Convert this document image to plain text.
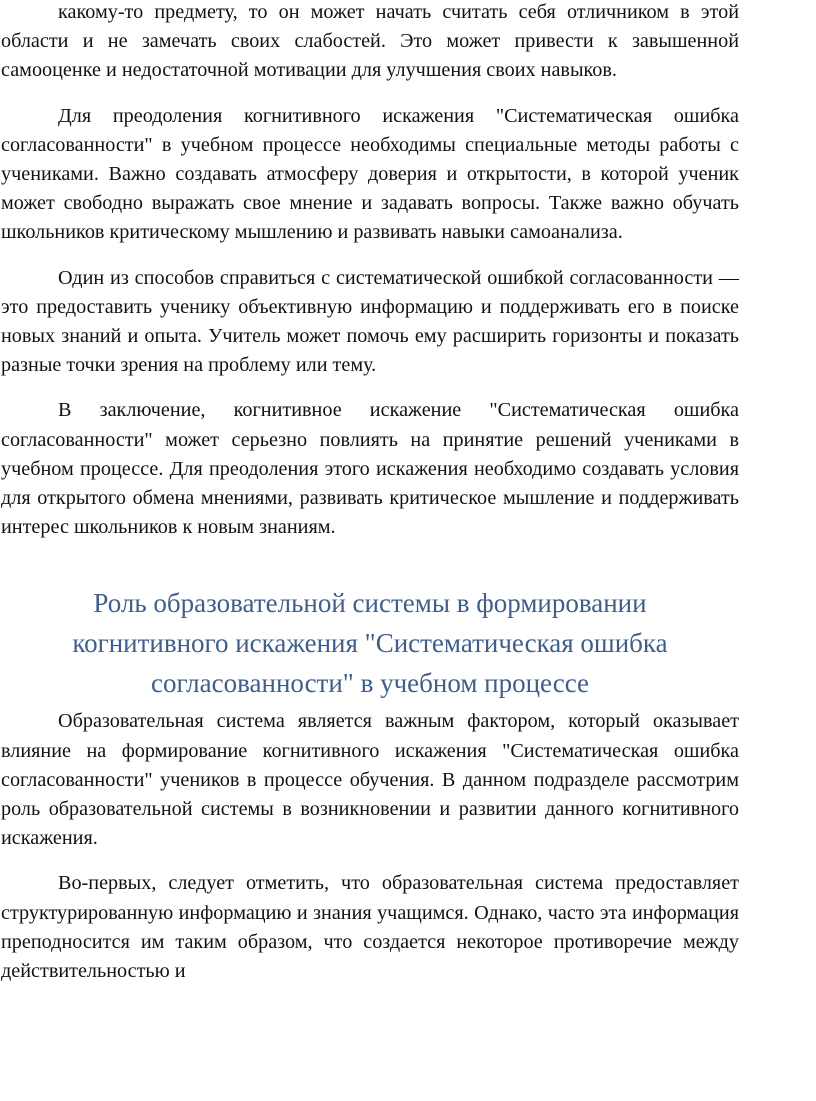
какому-то предмету, то он может начать считать себя отличником в этой области и не замечать своих слабостей. Это может привести к завышенной самооценке и недостаточной мотивации для улучшения своих навыков.

Для преодоления когнитивного искажения "Систематическая ошибка согласованности" в учебном процессе необходимы специальные методы работы с учениками. Важно создавать атмосферу доверия и открытости, в которой ученик может свободно выражать свое мнение и задавать вопросы. Также важно обучать школьников критическому мышлению и развивать навыки самоанализа.

Один из способов справиться с систематической ошибкой согласованности — это предоставить ученику объективную информацию и поддерживать его в поиске новых знаний и опыта. Учитель может помочь ему расширить горизонты и показать разные точки зрения на проблему или тему.

В заключение, когнитивное искажение "Систематическая ошибка согласованности" может серьезно повлиять на принятие решений учениками в учебном процессе. Для преодоления этого искажения необходимо создавать условия для открытого обмена мнениями, развивать критическое мышление и поддерживать интерес школьников к новым знаниям.

Роль образовательной системы в формировании когнитивного искажения "Систематическая ошибка согласованности" в учебном процессе

Образовательная система является важным фактором, который оказывает влияние на формирование когнитивного искажения "Систематическая ошибка согласованности" учеников в процессе обучения. В данном подразделе рассмотрим роль образовательной системы в возникновении и развитии данного когнитивного искажения.

Во-первых, следует отметить, что образовательная система предоставляет структурированную информацию и знания учащимся. Однако, часто эта информация преподносится им таким образом, что создается некоторое противоречие между действительностью и
